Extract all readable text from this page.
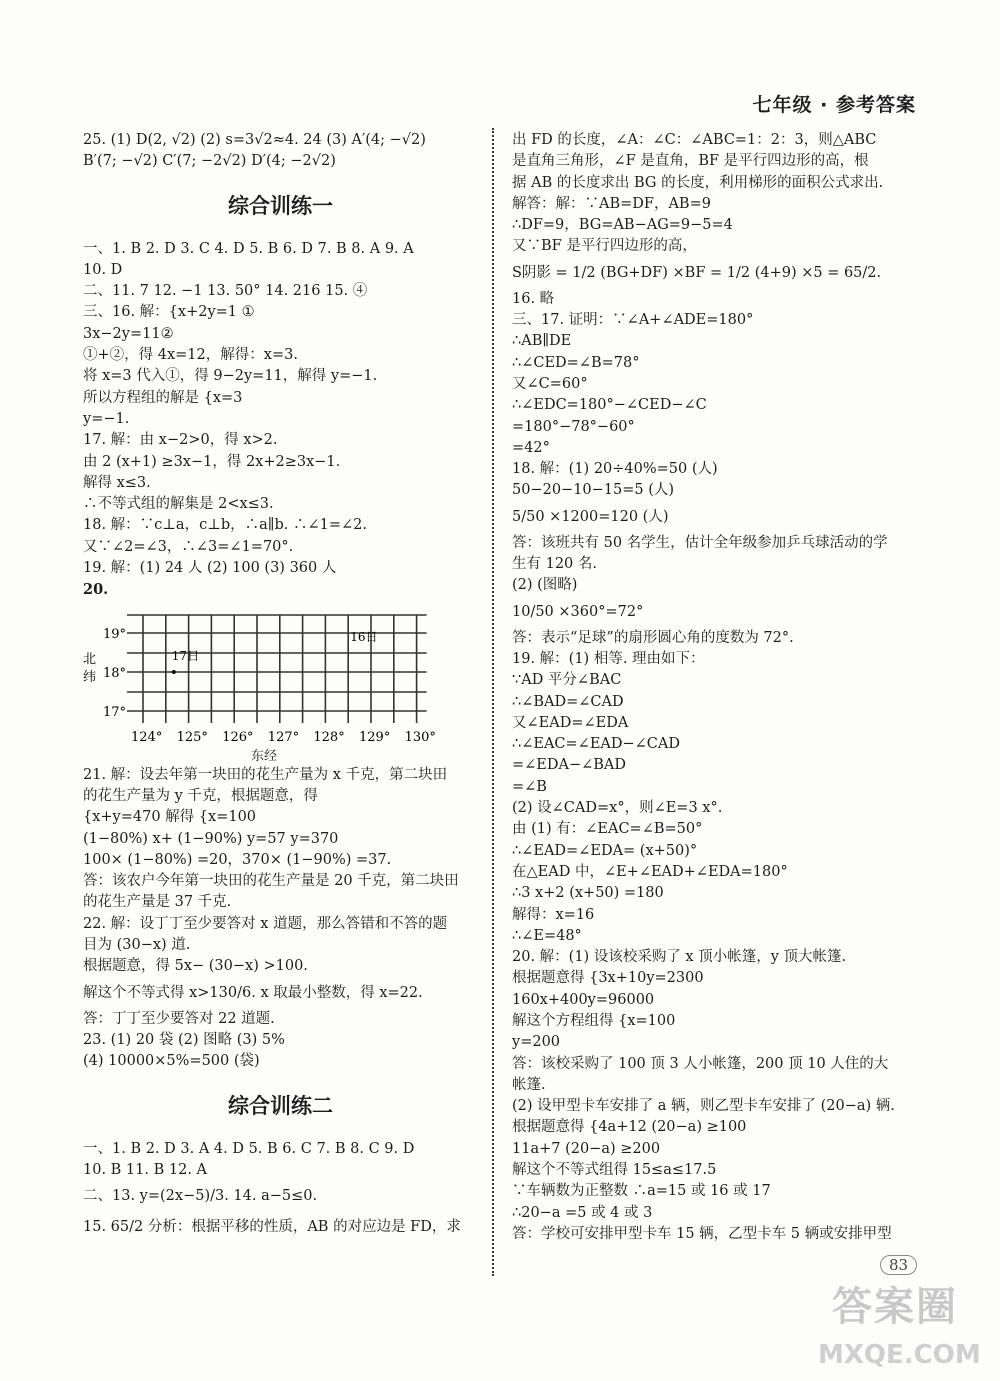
七年级 · 参考答案
25. (1) D(2, √2) (2) s=3√2≈4. 24 (3) A′(4; −√2)
B′(7; −√2) C′(7; −2√2) D′(4; −2√2)
综合训练一
一、1. B 2. D 3. C 4. D 5. B 6. D 7. B 8. A 9. A
10. D
二、11. 7 12. −1 13. 50° 14. 216 15. ④
三、16. 解：{x+2y=1 ①
3x−2y=11②
①+②，得 4x=12，解得：x=3.
将 x=3 代入①，得 9−2y=11，解得 y=−1.
所以方程组的解是 {x=3
y=−1.
17. 解：由 x−2>0，得 x>2.
由 2 (x+1) ≥3x−1，得 2x+2≥3x−1.
解得 x≤3.
∴不等式组的解集是 2<x≤3.
18. 解：∵c⊥a，c⊥b，∴a∥b. ∴∠1=∠2.
又∵∠2=∠3，∴∠3=∠1=70°.
19. 解：(1) 24 人 (2) 100 (3) 360 人
20.
124° 125° 126° 127° 128° 129° 130°
19°
18°
17°
北
纬
17日
16日
东经
21. 解：设去年第一块田的花生产量为 x 千克，第二块田
的花生产量为 y 千克，根据题意，得
{x+y=470 解得 {x=100
(1−80%) x+ (1−90%) y=57 y=370
100× (1−80%) =20，370× (1−90%) =37.
答：该农户今年第一块田的花生产量是 20 千克，第二块田
的花生产量是 37 千克.
22. 解：设丁丁至少要答对 x 道题，那么答错和不答的题
目为 (30−x) 道.
根据题意，得 5x− (30−x) >100.
解这个不等式得 x>130/6. x 取最小整数，得 x=22.
答：丁丁至少要答对 22 道题.
23. (1) 20 袋 (2) 图略 (3) 5%
(4) 10000×5%=500 (袋)
综合训练二
一、1. B 2. D 3. A 4. D 5. B 6. C 7. B 8. C 9. D
10. B 11. B 12. A
二、13. y=(2x−5)/3. 14. a−5≤0.
15. 65/2 分析：根据平移的性质，AB 的对应边是 FD，求
出 FD 的长度，∠A：∠C：∠ABC=1：2：3，则△ABC
是直角三角形，∠F 是直角，BF 是平行四边形的高，根
据 AB 的长度求出 BG 的长度，利用梯形的面积公式求出.
解答：解：∵AB=DF，AB=9
∴DF=9，BG=AB−AG=9−5=4
又∵BF 是平行四边形的高，
S阴影 = 1/2 (BG+DF) ×BF = 1/2 (4+9) ×5 = 65/2.
16. 略
三、17. 证明：∵∠A+∠ADE=180°
∴AB∥DE
∴∠CED=∠B=78°
又∠C=60°
∴∠EDC=180°−∠CED−∠C
=180°−78°−60°
=42°
18. 解：(1) 20÷40%=50 (人)
50−20−10−15=5 (人)
5/50 ×1200=120 (人)
答：该班共有 50 名学生，估计全年级参加乒乓球活动的学
生有 120 名.
(2) (图略)
10/50 ×360°=72°
答：表示“足球”的扇形圆心角的度数为 72°.
19. 解：(1) 相等. 理由如下：
∵AD 平分∠BAC
∴∠BAD=∠CAD
又∠EAD=∠EDA
∴∠EAC=∠EAD−∠CAD
=∠EDA−∠BAD
=∠B
(2) 设∠CAD=x°，则∠E=3 x°.
由 (1) 有：∠EAC=∠B=50°
∴∠EAD=∠EDA= (x+50)°
在△EAD 中，∠E+∠EAD+∠EDA=180°
∴3 x+2 (x+50) =180
解得：x=16
∴∠E=48°
20. 解：(1) 设该校采购了 x 顶小帐篷，y 顶大帐篷.
根据题意得 {3x+10y=2300
160x+400y=96000
解这个方程组得 {x=100
y=200
答：该校采购了 100 顶 3 人小帐篷，200 顶 10 人住的大
帐篷.
(2) 设甲型卡车安排了 a 辆，则乙型卡车安排了 (20−a) 辆.
根据题意得 {4a+12 (20−a) ≥100
11a+7 (20−a) ≥200
解这个不等式组得 15≤a≤17.5
∵车辆数为正整数 ∴a=15 或 16 或 17
∴20−a =5 或 4 或 3
答：学校可安排甲型卡车 15 辆，乙型卡车 5 辆或安排甲型
83
答案圈
MXQE.COM
